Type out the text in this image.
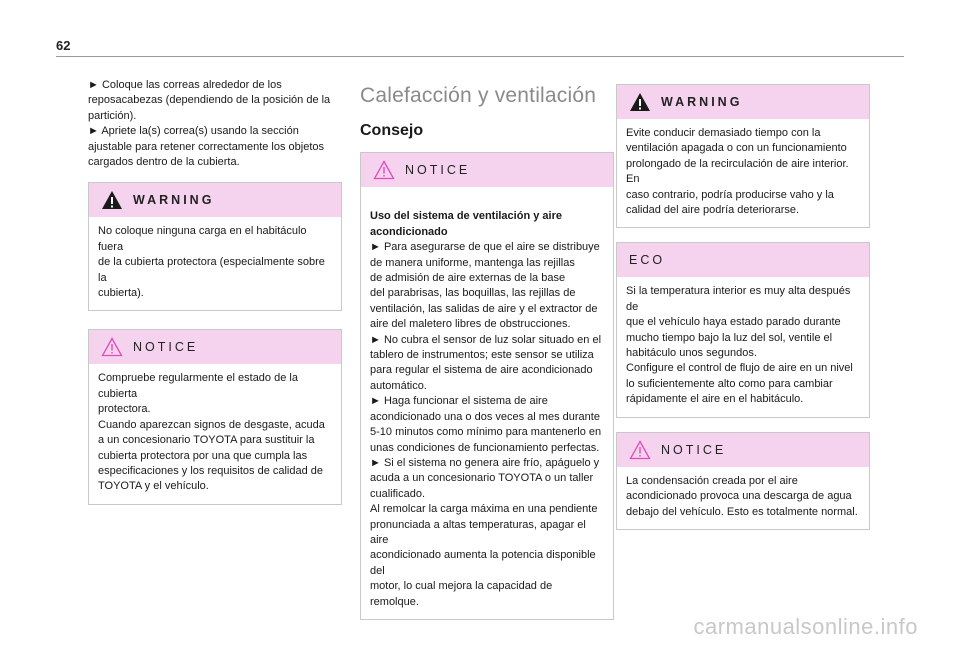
62

► Coloque las correas alrededor de los
reposacabezas (dependiendo de la posición de la
partición).
► Apriete la(s) correa(s) usando la sección
ajustable para retener correctamente los objetos
cargados dentro de la cubierta.

WARNING
No coloque ninguna carga en el habitáculo fuera
de la cubierta protectora (especialmente sobre la
cubierta).
NOTICE
Compruebe regularmente el estado de la cubierta
protectora.
Cuando aparezcan signos de desgaste, acuda
a un concesionario TOYOTA para sustituir la
cubierta protectora por una que cumpla las
especificaciones y los requisitos de calidad de
TOYOTA y el vehículo.
Calefacción y ventilación
Consejo
NOTICE

Uso del sistema de ventilación y aire
acondicionado
► Para asegurarse de que el aire se distribuye
de manera uniforme, mantenga las rejillas
de admisión de aire externas de la base
del parabrisas, las boquillas, las rejillas de
ventilación, las salidas de aire y el extractor de
aire del maletero libres de obstrucciones.
► No cubra el sensor de luz solar situado en el
tablero de instrumentos; este sensor se utiliza
para regular el sistema de aire acondicionado
automático.
► Haga funcionar el sistema de aire
acondicionado una o dos veces al mes durante
5-10 minutos como mínimo para mantenerlo en
unas condiciones de funcionamiento perfectas.
► Si el sistema no genera aire frío, apáguelo y
acuda a un concesionario TOYOTA o un taller
cualificado.
Al remolcar la carga máxima en una pendiente
pronunciada a altas temperaturas, apagar el aire
acondicionado aumenta la potencia disponible del
motor, lo cual mejora la capacidad de remolque.

WARNING
Evite conducir demasiado tiempo con la
ventilación apagada o con un funcionamiento
prolongado de la recirculación de aire interior. En
caso contrario, podría producirse vaho y la
calidad del aire podría deteriorarse.
ECO
Si la temperatura interior es muy alta después de
que el vehículo haya estado parado durante
mucho tiempo bajo la luz del sol, ventile el
habitáculo unos segundos.
Configure el control de flujo de aire en un nivel
lo suficientemente alto como para cambiar
rápidamente el aire en el habitáculo.
NOTICE
La condensación creada por el aire
acondicionado provoca una descarga de agua
debajo del vehículo. Esto es totalmente normal.
carmanualsonline.info
